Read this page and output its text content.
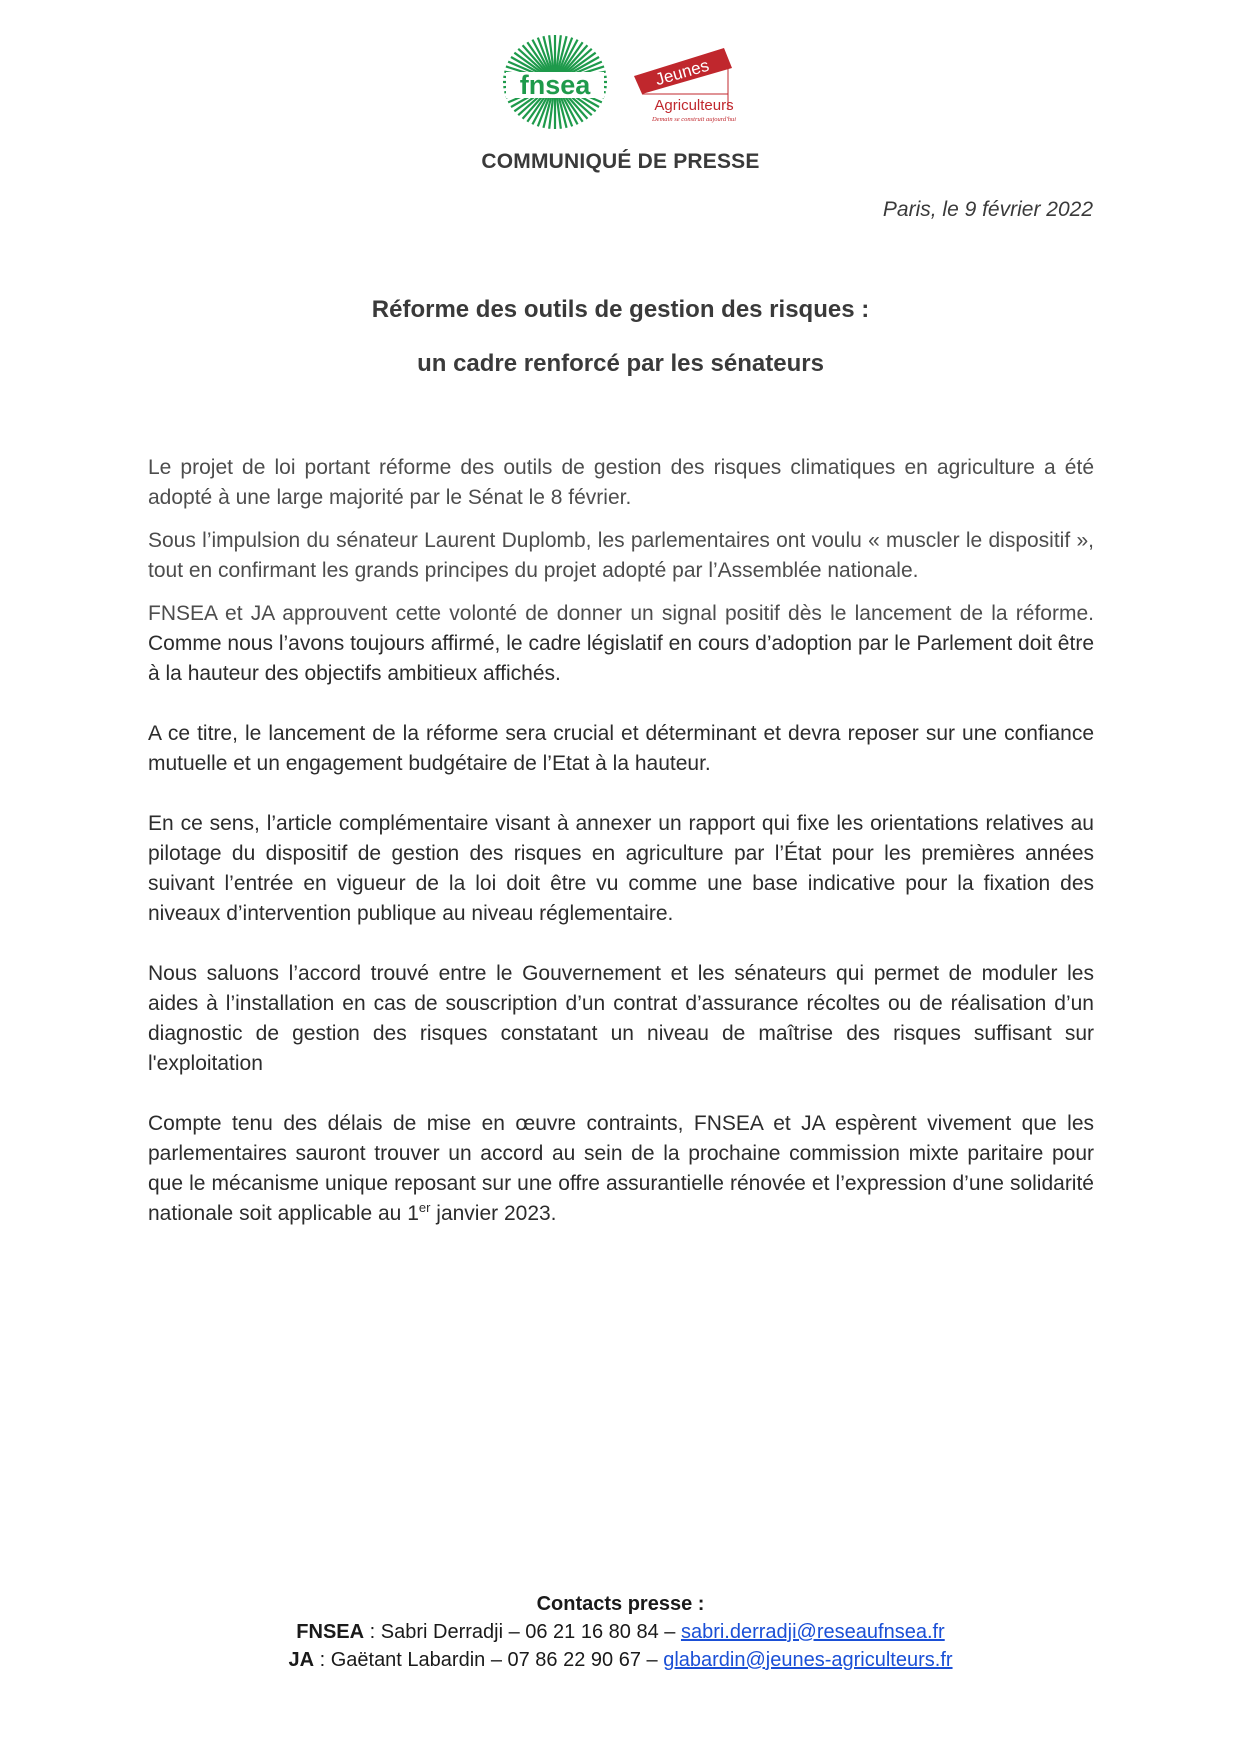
fnsea	Jeunes
Agriculteurs
Demain se construit aujourd'hui
COMMUNIQUÉ DE PRESSE
Paris, le 9 février 2022
Réforme des outils de gestion des risques :
un cadre renforcé par les sénateurs

Le projet de loi portant réforme des outils de gestion des risques climatiques en agriculture a été adopté à une large majorité par le Sénat le 8 février.

Sous l’impulsion du sénateur Laurent Duplomb, les parlementaires ont voulu « muscler le dispositif », tout en confirmant les grands principes du projet adopté par l’Assemblée nationale.

FNSEA et JA approuvent cette volonté de donner un signal positif dès le lancement de la réforme. Comme nous l’avons toujours affirmé, le cadre législatif en cours d’adoption par le Parlement doit être à la hauteur des objectifs ambitieux affichés.

A ce titre, le lancement de la réforme sera crucial et déterminant et devra reposer sur une confiance mutuelle et un engagement budgétaire de l’Etat à la hauteur.

En ce sens, l’article complémentaire visant à annexer un rapport qui fixe les orientations relatives au pilotage du dispositif de gestion des risques en agriculture par l’État pour les premières années suivant l’entrée en vigueur de la loi doit être vu comme une base indicative pour la fixation des niveaux d’intervention publique au niveau réglementaire.

Nous saluons l’accord trouvé entre le Gouvernement et les sénateurs qui permet de moduler les aides à l’installation en cas de souscription d’un contrat d’assurance récoltes ou de réalisation d’un diagnostic de gestion des risques constatant un niveau de maîtrise des risques suffisant sur l'exploitation

Compte tenu des délais de mise en œuvre contraints, FNSEA et JA espèrent vivement que les parlementaires sauront trouver un accord au sein de la prochaine commission mixte paritaire pour que le mécanisme unique reposant sur une offre assurantielle rénovée et l’expression d’une solidarité nationale soit applicable au 1er janvier 2023.

Contacts presse :
FNSEA : Sabri Derradji – 06 21 16 80 84 – sabri.derradji@reseaufnsea.fr
JA : Gaëtant Labardin – 07 86 22 90 67 – glabardin@jeunes-agriculteurs.fr
